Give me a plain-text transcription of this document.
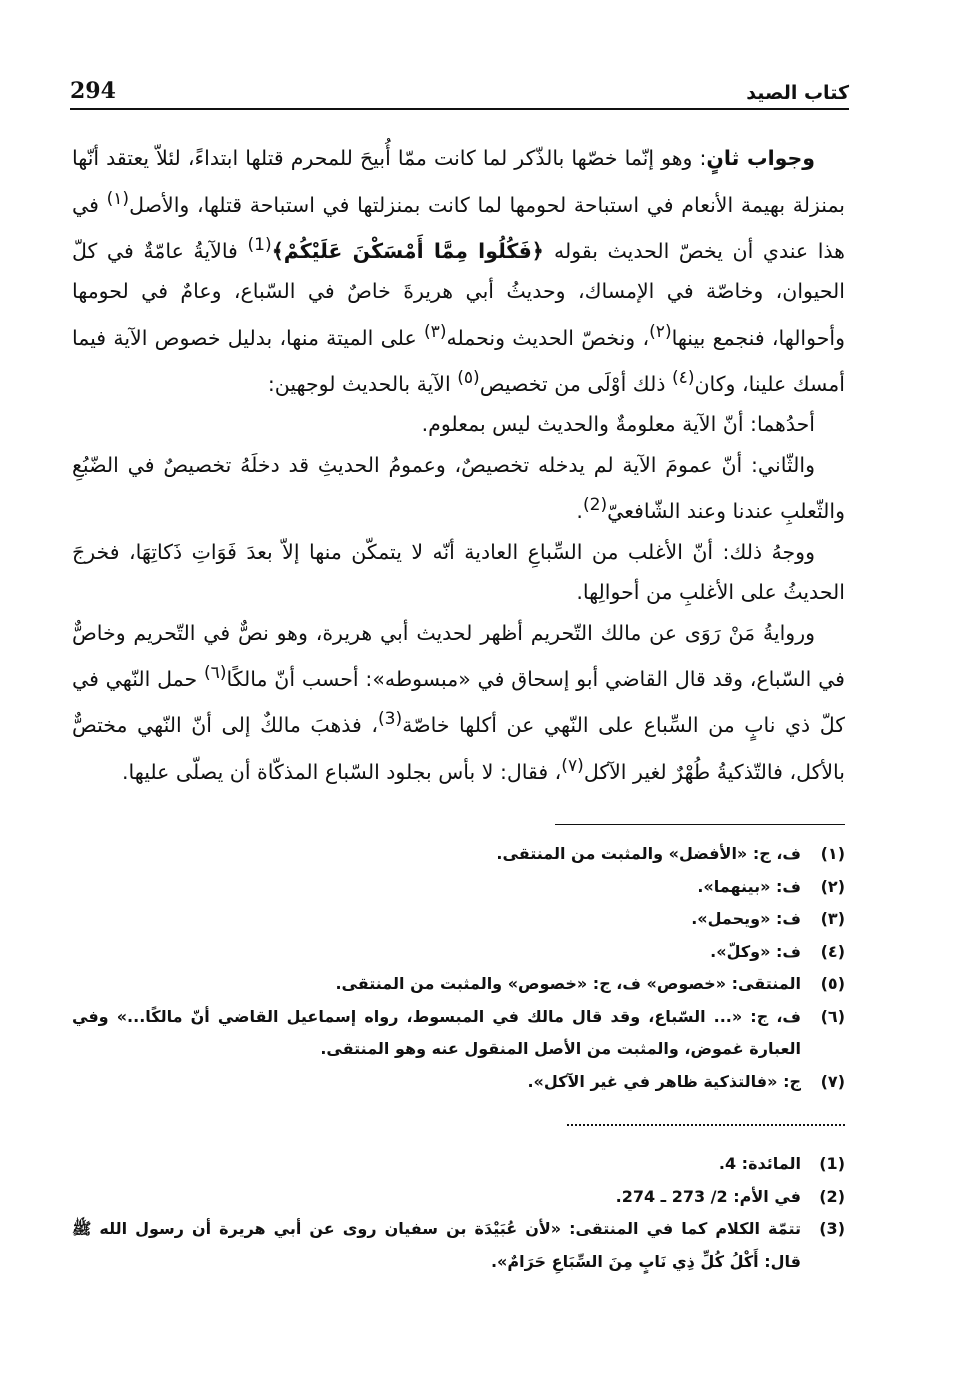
294	كتاب الصيد

وجواب ثانٍ: وهو إنّما خصّها بالذّكر لما كانت ممّا أُبيحَ للمحرم قتلها ابتداءً، لئلاّ يعتقد أنّها بمنزلة بهيمة الأنعام في استباحة لحومها لما كانت بمنزلتها في استباحة قتلها، والأصل$^{(١)}$ في هذا عندي أن يخصّ الحديث بقوله ﴿فَكُلُوا مِمَّا أَمْسَكْنَ عَلَيْكُمْ﴾$^{(1)}$ فالآيةُ عامّةٌ في كلّ الحيوان، وخاصّة في الإمساك، وحديثُ أبي هريرةَ خاصٌ في السّباع، وعامٌ في لحومها وأحوالها، فنجمع بينها$^{(٢)}$، ونخصّ الحديث ونحمله$^{(٣)}$ على الميتة منها، بدليل خصوص الآية فيما أمسك علينا، وكان$^{(٤)}$ ذلك أوْلَى من تخصيص$^{(٥)}$ الآية بالحديث لوجهين:

أحدُهما: أنّ الآية معلومةٌ والحديث ليس بمعلوم.

والثّاني: أنّ عمومَ الآية لم يدخله تخصيصٌ، وعمومُ الحديثِ قد دخلَهُ تخصيصٌ في الضّبُعِ والثّعلبِ عندنا وعند الشّافعيّ$^{(2)}$.

ووجهُ ذلك: أنّ الأغلب من السِّباعِ العادية أنّه لا يتمكّن منها إلاّ بعدَ فَوَاتِ ذَكاتِهَا، فخرجَ الحديثُ على الأغلبِ من أحوالِها.

وروايةُ مَنْ رَوَى عن مالك التّحريم أظهر لحديث أبي هريرة، وهو نصٌّ في التّحريم وخاصٌّ في السّباع، وقد قال القاضي أبو إسحاق في «مبسوطه»: أحسب أنّ مالكًا$^{(٦)}$ حمل النّهي في كلّ ذي نابٍ من السِّباع على النّهي عن أكلها خاصّة$^{(3)}$، فذهبَ مالكٌ إلى أنّ النّهي مختصٌّ بالأكل، فالتّذكيةُ طُهْرٌ لغير الآكل$^{(٧)}$، فقال: لا بأس بجلود السّباع المذكّاة أن يصلّى عليها.

(١)
ف، ج: «الأفضل» والمثبت من المنتقى.
(٢)
ف: «بينهما».
(٣)
ف: «ويحمل».
(٤)
ف: «وكلّ».
(٥)
المنتقى: «خصوص» ف، ج: «خصوص» والمثبت من المنتقى.
(٦)
ف، ج: «... السّباع، وقد قال مالك في المبسوط، رواه إسماعيل القاضي أنّ مالكًا...» وفي العبارة غموض، والمثبت من الأصل المنقول عنه وهو المنتقى.
(٧)
ج: «فالتذكية ظاهر في غير الآكل».
(1)
المائدة: 4.
(2)
في الأم: 2/ 273 ـ 274.
(3)
تتمّة الكلام كما في المنتقى: «لأن عُبَيْدَة بن سفيان روى عن أبي هريرة أن رسول الله ﷺ قال: أَكْلُ كُلِّ ذِي نَابٍ مِنَ السِّبَاعِ حَرَامٌ».
